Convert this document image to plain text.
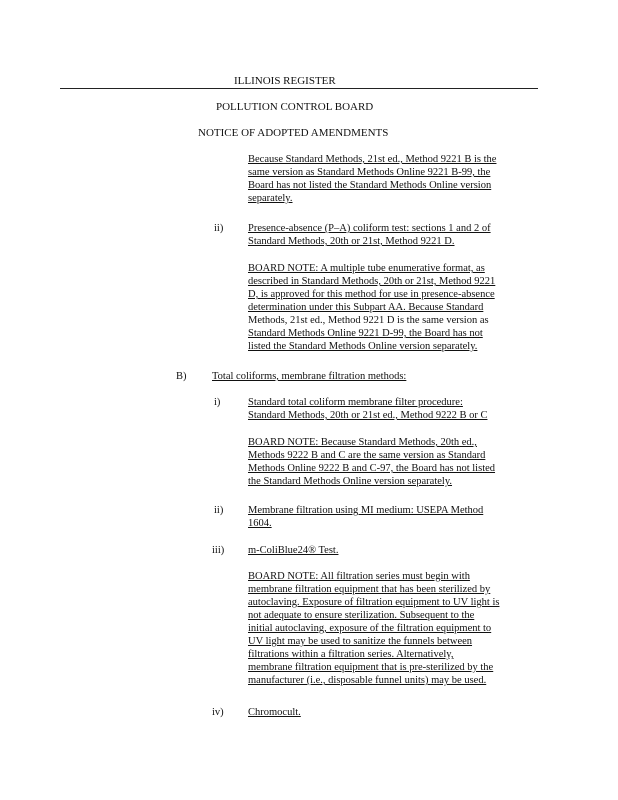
ILLINOIS REGISTER
POLLUTION CONTROL BOARD
NOTICE OF ADOPTED AMENDMENTS
Because Standard Methods, 21st ed., Method 9221 B is the
same version as Standard Methods Online 9221 B-99, the
Board has not listed the Standard Methods Online version
separately.
ii) Presence-absence (P–A) coliform test: sections 1 and 2 of
Standard Methods, 20th or 21st, Method 9221 D.
BOARD NOTE: A multiple tube enumerative format, as
described in Standard Methods, 20th or 21st, Method 9221
D, is approved for this method for use in presence-absence
determination under this Subpart AA. Because Standard
Methods, 21st ed., Method 9221 D is the same version as
Standard Methods Online 9221 D-99, the Board has not
listed the Standard Methods Online version separately.
B) Total coliforms, membrane filtration methods:
i)	Standard total coliform membrane filter procedure:
Standard Methods, 20th or 21st ed., Method 9222 B or C
BOARD NOTE: Because Standard Methods, 20th ed.,
Methods 9222 B and C are the same version as Standard
Methods Online 9222 B and C-97, the Board has not listed
the Standard Methods Online version separately.
ii) Membrane filtration using MI medium: USEPA Method
1604.
iii) m-ColiBlue24® Test.
BOARD NOTE: All filtration series must begin with
membrane filtration equipment that has been sterilized by
autoclaving. Exposure of filtration equipment to UV light is
not adequate to ensure sterilization. Subsequent to the
initial autoclaving, exposure of the filtration equipment to
UV light may be used to sanitize the funnels between
filtrations within a filtration series. Alternatively,
membrane filtration equipment that is pre-sterilized by the
manufacturer (i.e., disposable funnel units) may be used.
iv) Chromocult.
